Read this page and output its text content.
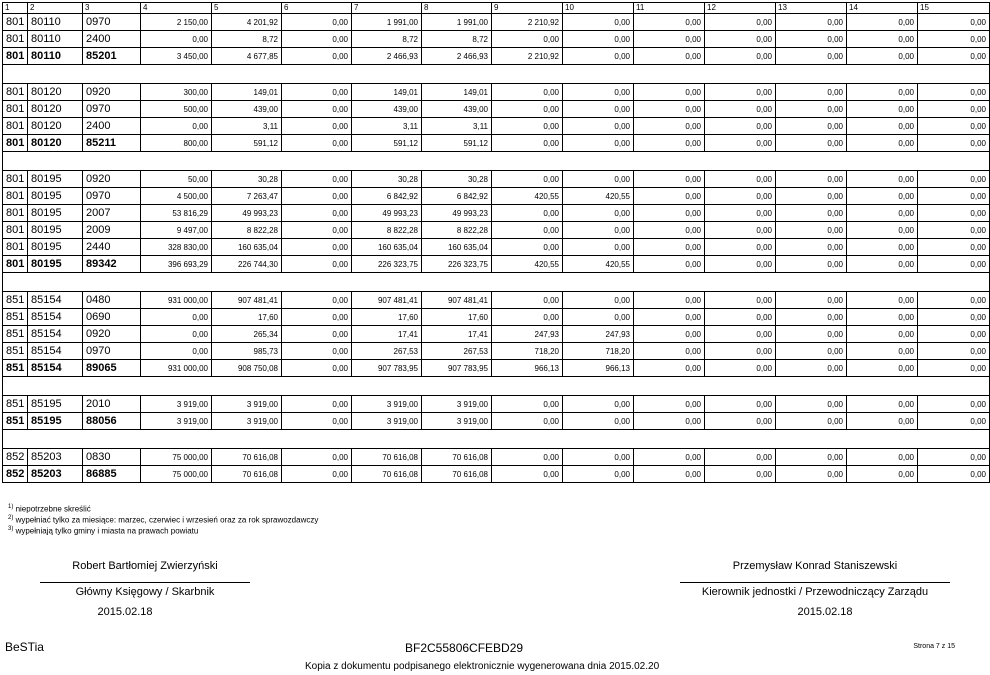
1	2	3	4	5	6	7	8	9	10	11	12	13	14	15
801	80110	0970	2 150,00	4 201,92	0,00	1 991,00	1 991,00	2 210,92	0,00	0,00	0,00	0,00	0,00	0,00
801	80110	2400	0,00	8,72	0,00	8,72	8,72	0,00	0,00	0,00	0,00	0,00	0,00	0,00
801	80110	85201	3 450,00	4 677,85	0,00	2 466,93	2 466,93	2 210,92	0,00	0,00	0,00	0,00	0,00	0,00

801	80120	0920	300,00	149,01	0,00	149,01	149,01	0,00	0,00	0,00	0,00	0,00	0,00	0,00
801	80120	0970	500,00	439,00	0,00	439,00	439,00	0,00	0,00	0,00	0,00	0,00	0,00	0,00
801	80120	2400	0,00	3,11	0,00	3,11	3,11	0,00	0,00	0,00	0,00	0,00	0,00	0,00
801	80120	85211	800,00	591,12	0,00	591,12	591,12	0,00	0,00	0,00	0,00	0,00	0,00	0,00

801	80195	0920	50,00	30,28	0,00	30,28	30,28	0,00	0,00	0,00	0,00	0,00	0,00	0,00
801	80195	0970	4 500,00	7 263,47	0,00	6 842,92	6 842,92	420,55	420,55	0,00	0,00	0,00	0,00	0,00
801	80195	2007	53 816,29	49 993,23	0,00	49 993,23	49 993,23	0,00	0,00	0,00	0,00	0,00	0,00	0,00
801	80195	2009	9 497,00	8 822,28	0,00	8 822,28	8 822,28	0,00	0,00	0,00	0,00	0,00	0,00	0,00
801	80195	2440	328 830,00	160 635,04	0,00	160 635,04	160 635,04	0,00	0,00	0,00	0,00	0,00	0,00	0,00
801	80195	89342	396 693,29	226 744,30	0,00	226 323,75	226 323,75	420,55	420,55	0,00	0,00	0,00	0,00	0,00

851	85154	0480	931 000,00	907 481,41	0,00	907 481,41	907 481,41	0,00	0,00	0,00	0,00	0,00	0,00	0,00
851	85154	0690	0,00	17,60	0,00	17,60	17,60	0,00	0,00	0,00	0,00	0,00	0,00	0,00
851	85154	0920	0,00	265,34	0,00	17,41	17,41	247,93	247,93	0,00	0,00	0,00	0,00	0,00
851	85154	0970	0,00	985,73	0,00	267,53	267,53	718,20	718,20	0,00	0,00	0,00	0,00	0,00
851	85154	89065	931 000,00	908 750,08	0,00	907 783,95	907 783,95	966,13	966,13	0,00	0,00	0,00	0,00	0,00

851	85195	2010	3 919,00	3 919,00	0,00	3 919,00	3 919,00	0,00	0,00	0,00	0,00	0,00	0,00	0,00
851	85195	88056	3 919,00	3 919,00	0,00	3 919,00	3 919,00	0,00	0,00	0,00	0,00	0,00	0,00	0,00

852	85203	0830	75 000,00	70 616,08	0,00	70 616,08	70 616,08	0,00	0,00	0,00	0,00	0,00	0,00	0,00
852	85203	86885	75 000,00	70 616,08	0,00	70 616,08	70 616,08	0,00	0,00	0,00	0,00	0,00	0,00	0,00
$^{1)}$ niepotrzebne skreślić
$^{2)}$ wypełniać tylko za miesiące: marzec, czerwiec i wrzesień oraz za rok sprawozdawczy
$^{3)}$ wypełniają tylko gminy i miasta na prawach powiatu
Robert Bartłomiej Zwierzyński
Główny Księgowy / Skarbnik
2015.02.18
Przemysław Konrad Staniszewski
Kierownik jednostki / Przewodniczący Zarządu
2015.02.18
BeSTia	BF2C55806CFEBD29	Strona 7 z 15
Kopia z dokumentu podpisanego elektronicznie wygenerowana dnia 2015.02.20
